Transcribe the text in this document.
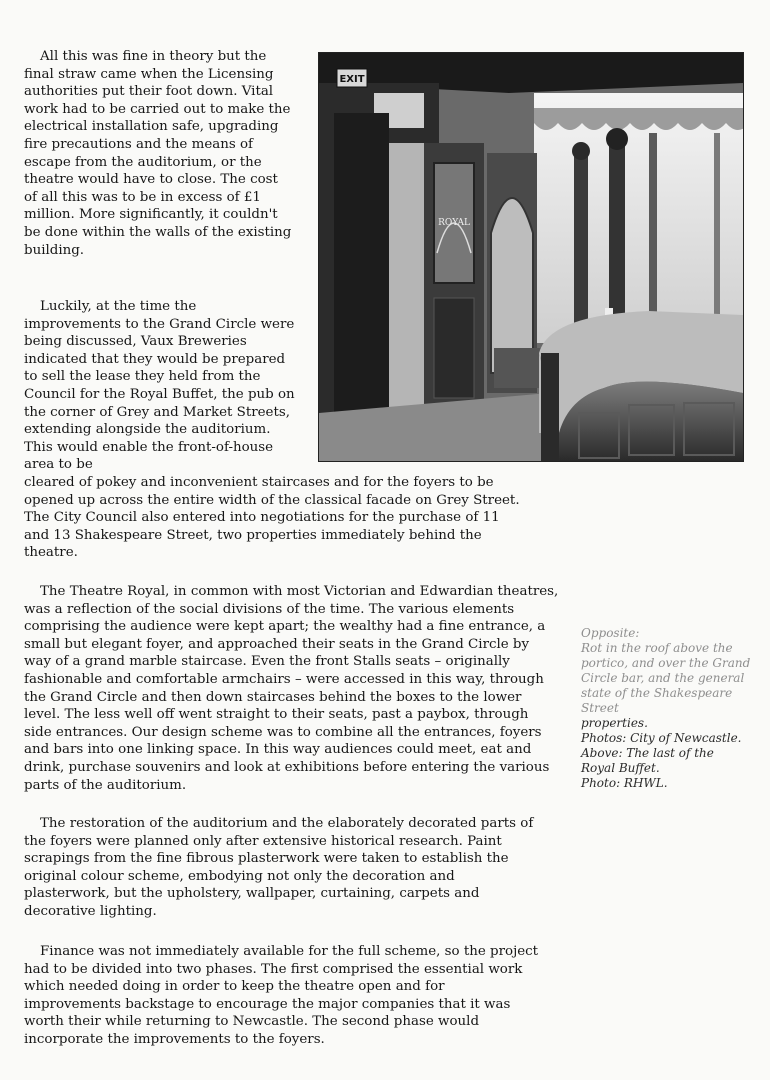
All this was fine in theory but the final straw came when the Licensing authorities put their foot down. Vital work had to be carried out to make the electrical installation safe, upgrading fire precautions and the means of escape from the auditorium, or the theatre would have to close. The cost of all this was to be in excess of £1 million. More significantly, it couldn't be done within the walls of the existing building.

Luckily, at the time the improvements to the Grand Circle were being discussed, Vaux Breweries indicated that they would be prepared to sell the lease they held from the Council for the Royal Buffet, the pub on the corner of Grey and Market Streets, extending alongside the auditorium. This would enable the front-of-house area to be
cleared of pokey and inconvenient staircases and for the foyers to be opened up across the entire width of the classical facade on Grey Street. The City Council also entered into negotiations for the purchase of 11 and 13 Shakespeare Street, two properties immediately behind the theatre.

The Theatre Royal, in common with most Victorian and Edwardian theatres, was a reflection of the social divisions of the time. The various elements comprising the audience were kept apart; the wealthy had a fine entrance, a small but elegant foyer, and approached their seats in the Grand Circle by way of a grand marble staircase. Even the front Stalls seats – originally fashionable and comfortable armchairs – were accessed in this way, through the Grand Circle and then down staircases behind the boxes to the lower level. The less well off went straight to their seats, past a paybox, through side entrances. Our design scheme was to combine all the entrances, foyers and bars into one linking space. In this way audiences could meet, eat and drink, purchase souvenirs and look at exhibitions before entering the various parts of the auditorium.

The restoration of the auditorium and the elaborately decorated parts of the foyers were planned only after extensive historical research. Paint scrapings from the fine fibrous plasterwork were taken to establish the original colour scheme, embodying not only the decoration and plasterwork, but the upholstery, wallpaper, curtaining, carpets and decorative lighting.

Finance was not immediately available for the full scheme, so the project had to be divided into two phases. The first comprised the essential work which needed doing in order to keep the theatre open and for improvements backstage to encourage the major companies that it was worth their while returning to Newcastle. The second phase would incorporate the improvements to the foyers.

EXIT
ROYAL
Opposite:
Rot in the roof above the portico, and over the Grand Circle bar, and the general state of the Shakespeare Street
properties.
Photos: City of Newcastle.
Above: The last of the Royal Buffet.
Photo: RHWL.
